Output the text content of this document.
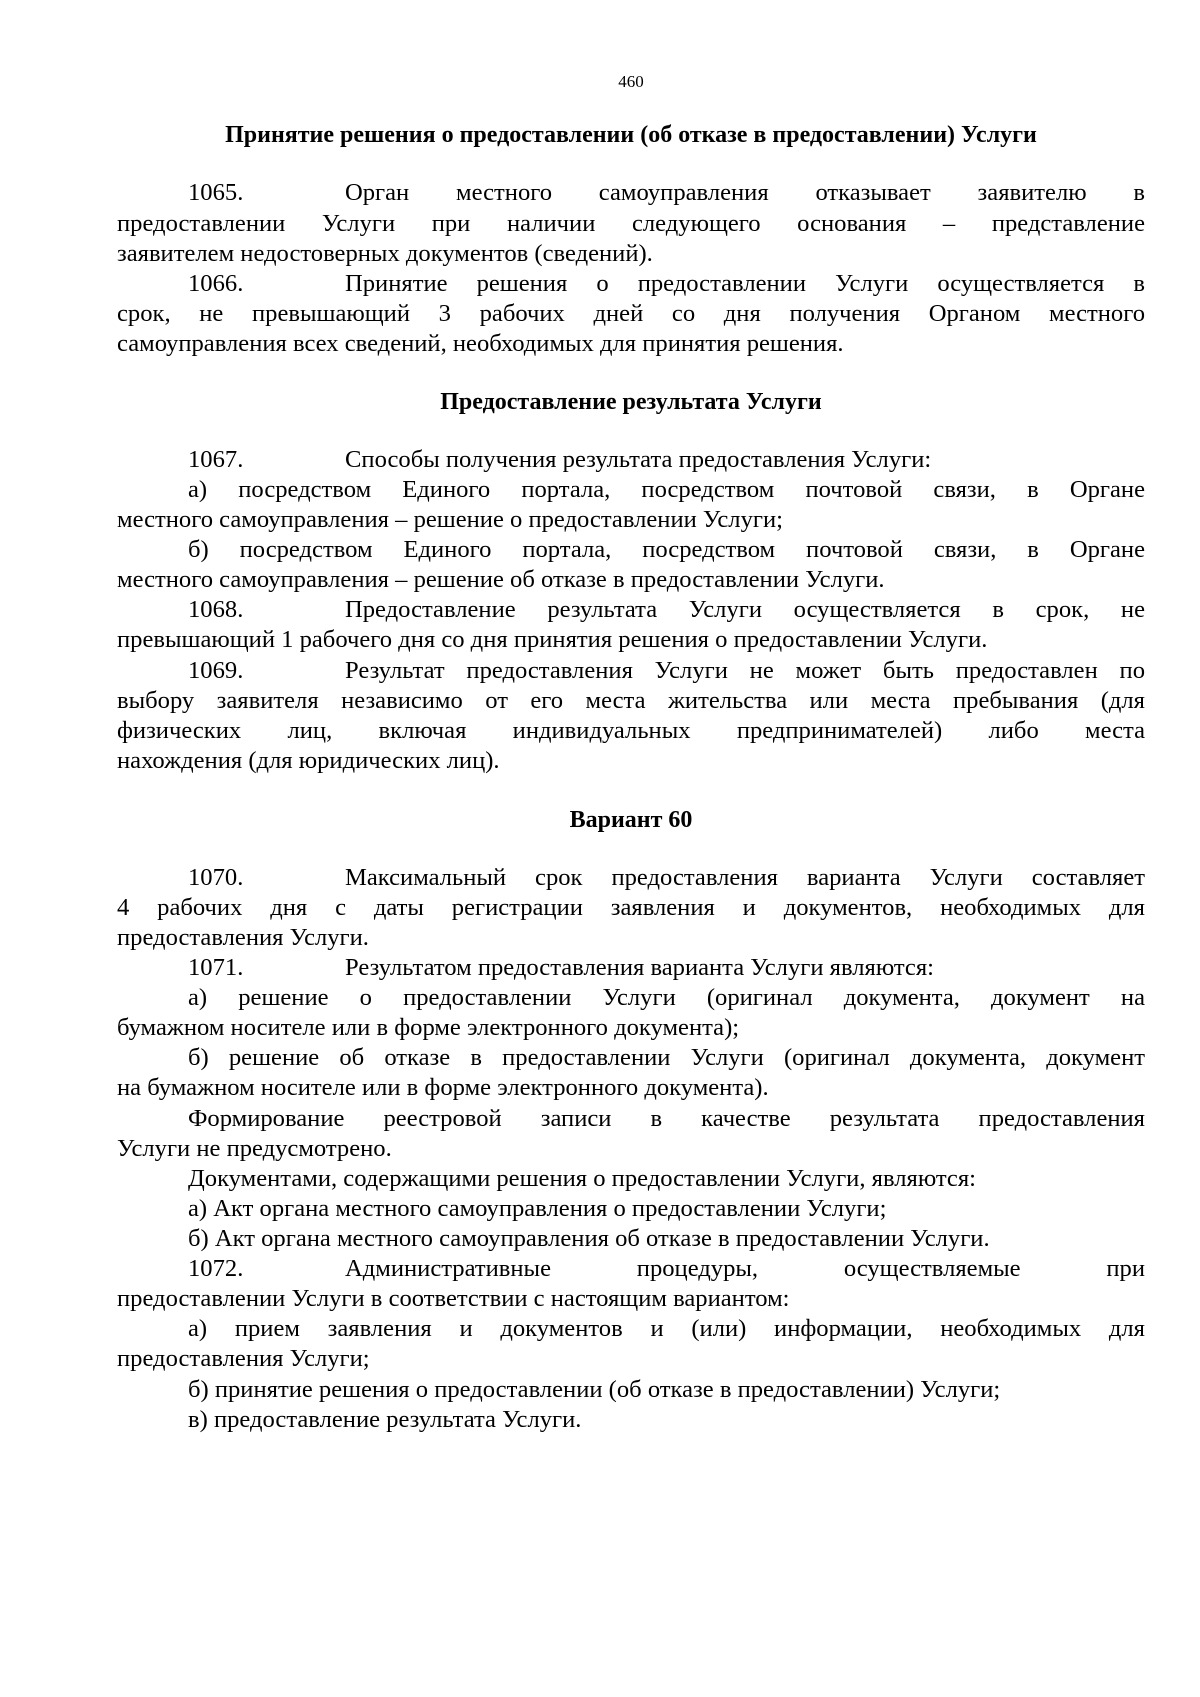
460
Принятие решения о предоставлении (об отказе в предоставлении) Услуги
1065.	Орган местного самоуправления отказывает заявителю в
предоставлении Услуги при наличии следующего основания – представление
заявителем недостоверных документов (сведений).
1066.	Принятие решения о предоставлении Услуги осуществляется в
срок, не превышающий 3 рабочих дней со дня получения Органом местного
самоуправления всех сведений, необходимых для принятия решения.
Предоставление результата Услуги
1067.	Способы получения результата предоставления Услуги:
а) посредством Единого портала, посредством почтовой связи, в Органе
местного самоуправления – решение о предоставлении Услуги;
б) посредством Единого портала, посредством почтовой связи, в Органе
местного самоуправления – решение об отказе в предоставлении Услуги.
1068.	Предоставление результата Услуги осуществляется в срок, не
превышающий 1 рабочего дня со дня принятия решения о предоставлении Услуги.
1069.	Результат предоставления Услуги не может быть предоставлен по
выбору заявителя независимо от его места жительства или места пребывания (для
физических лиц, включая индивидуальных предпринимателей) либо места
нахождения (для юридических лиц).
Вариант 60
1070.	Максимальный срок предоставления варианта Услуги составляет
4 рабочих дня с даты регистрации заявления и документов, необходимых для
предоставления Услуги.
1071.	Результатом предоставления варианта Услуги являются:
а) решение о предоставлении Услуги (оригинал документа, документ на
бумажном носителе или в форме электронного документа);
б) решение об отказе в предоставлении Услуги (оригинал документа, документ
на бумажном носителе или в форме электронного документа).
Формирование реестровой записи в качестве результата предоставления
Услуги не предусмотрено.
Документами, содержащими решения о предоставлении Услуги, являются:
а) Акт органа местного самоуправления о предоставлении Услуги;
б) Акт органа местного самоуправления об отказе в предоставлении Услуги.
1072.	Административные процедуры, осуществляемые при
предоставлении Услуги в соответствии с настоящим вариантом:
а) прием заявления и документов и (или) информации, необходимых для
предоставления Услуги;
б) принятие решения о предоставлении (об отказе в предоставлении) Услуги;
в) предоставление результата Услуги.
